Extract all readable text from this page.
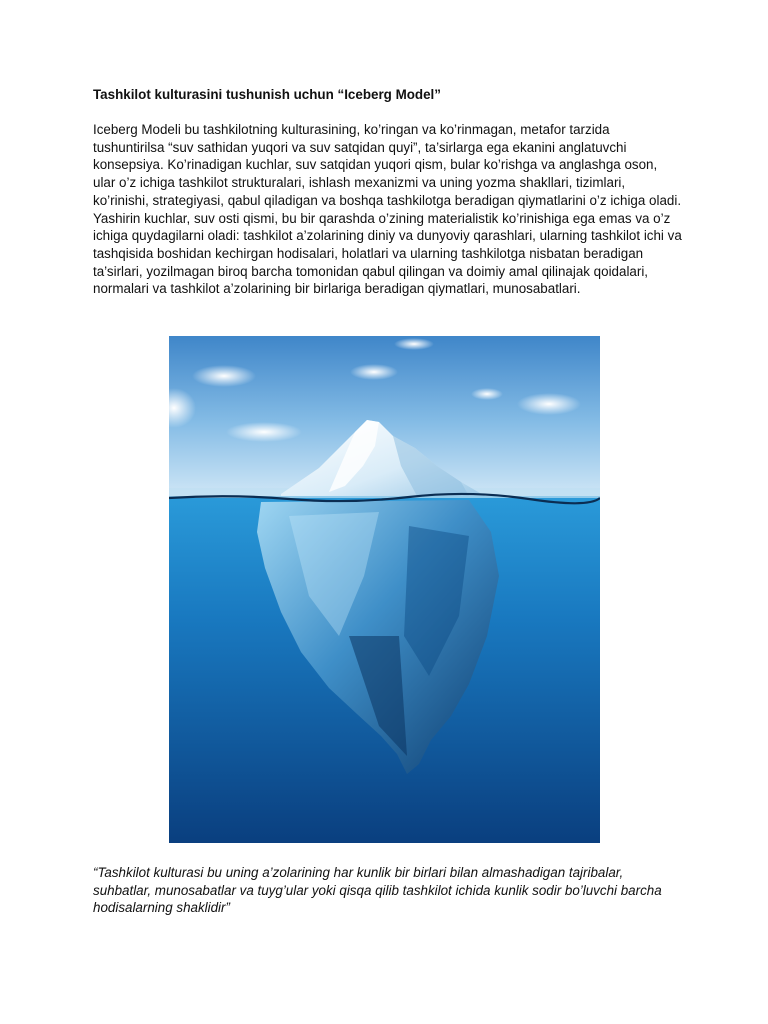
Tashkilot kulturasini tushunish uchun “Iceberg Model”

Iceberg Modeli bu tashkilotning kulturasining, ko’ringan va ko’rinmagan, metafor tarzida tushuntirilsa “suv sathidan yuqori va suv satqidan quyi”, ta’sirlarga ega ekanini anglatuvchi konsepsiya. Ko’rinadigan kuchlar, suv satqidan yuqori qism, bular ko’rishga va anglashga oson, ular o’z ichiga tashkilot strukturalari, ishlash mexanizmi va uning yozma shakllari, tizimlari, ko’rinishi, strategiyasi, qabul qiladigan va boshqa tashkilotga beradigan qiymatlarini o’z ichiga oladi. Yashirin kuchlar, suv osti qismi, bu bir qarashda o’zining materialistik ko’rinishiga ega emas va o’z ichiga quydagilarni oladi: tashkilot a’zolarining diniy va dunyoviy qarashlari, ularning tashkilot ichi va tashqisida boshidan kechirgan hodisalari, holatlari va ularning tashkilotga nisbatan beradigan ta’sirlari, yozilmagan biroq barcha tomonidan qabul qilingan va doimiy amal qilinajak qoidalari, normalari va tashkilot a’zolarining bir birlariga beradigan qiymatlari, munosabatlari.

“Tashkilot kulturasi bu uning a’zolarining har kunlik bir birlari bilan almashadigan tajribalar, suhbatlar, munosabatlar va tuyg’ular yoki qisqa qilib tashkilot ichida kunlik sodir bo’luvchi barcha hodisalarning shaklidir”
